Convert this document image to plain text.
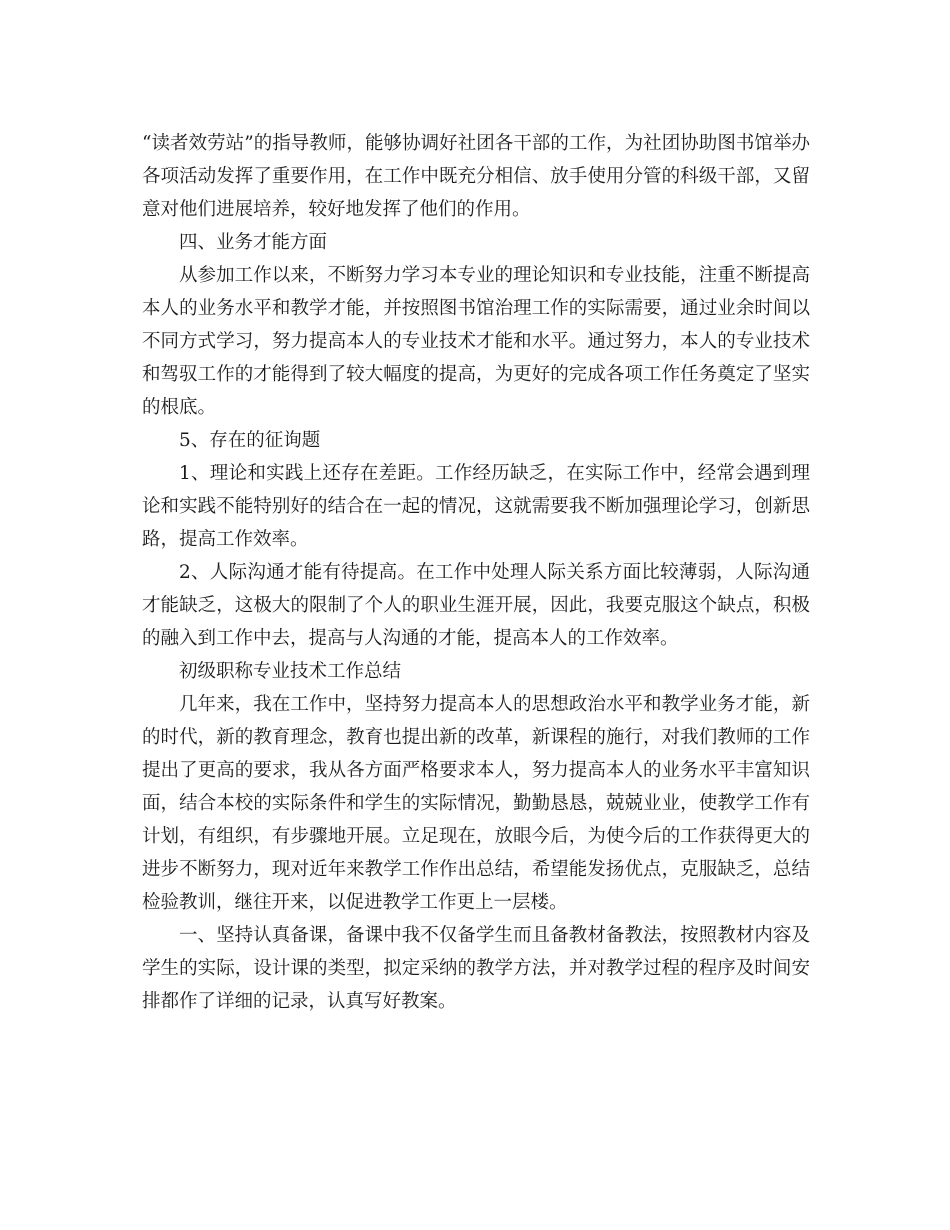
“读者效劳站”的指导教师，能够协调好社团各干部的工作，为社团协助图书馆举办各项活动发挥了重要作用，在工作中既充分相信、放手使用分管的科级干部，又留意对他们进展培养，较好地发挥了他们的作用。

四、业务才能方面

从参加工作以来，不断努力学习本专业的理论知识和专业技能，注重不断提高本人的业务水平和教学才能，并按照图书馆治理工作的实际需要，通过业余时间以不同方式学习，努力提高本人的专业技术才能和水平。通过努力，本人的专业技术和驾驭工作的才能得到了较大幅度的提高，为更好的完成各项工作任务奠定了坚实的根底。

5、存在的征询题

1、理论和实践上还存在差距。工作经历缺乏，在实际工作中，经常会遇到理论和实践不能特别好的结合在一起的情况，这就需要我不断加强理论学习，创新思路，提高工作效率。

2、人际沟通才能有待提高。在工作中处理人际关系方面比较薄弱，人际沟通才能缺乏，这极大的限制了个人的职业生涯开展，因此，我要克服这个缺点，积极的融入到工作中去，提高与人沟通的才能，提高本人的工作效率。

初级职称专业技术工作总结

几年来，我在工作中，坚持努力提高本人的思想政治水平和教学业务才能，新的时代，新的教育理念，教育也提出新的改革，新课程的施行，对我们教师的工作提出了更高的要求，我从各方面严格要求本人，努力提高本人的业务水平丰富知识面，结合本校的实际条件和学生的实际情况，勤勤恳恳，兢兢业业，使教学工作有计划，有组织，有步骤地开展。立足现在，放眼今后，为使今后的工作获得更大的进步不断努力，现对近年来教学工作作出总结，希望能发扬优点，克服缺乏，总结检验教训，继往开来，以促进教学工作更上一层楼。

一、坚持认真备课，备课中我不仅备学生而且备教材备教法，按照教材内容及学生的实际，设计课的类型，拟定采纳的教学方法，并对教学过程的程序及时间安排都作了详细的记录，认真写好教案。
